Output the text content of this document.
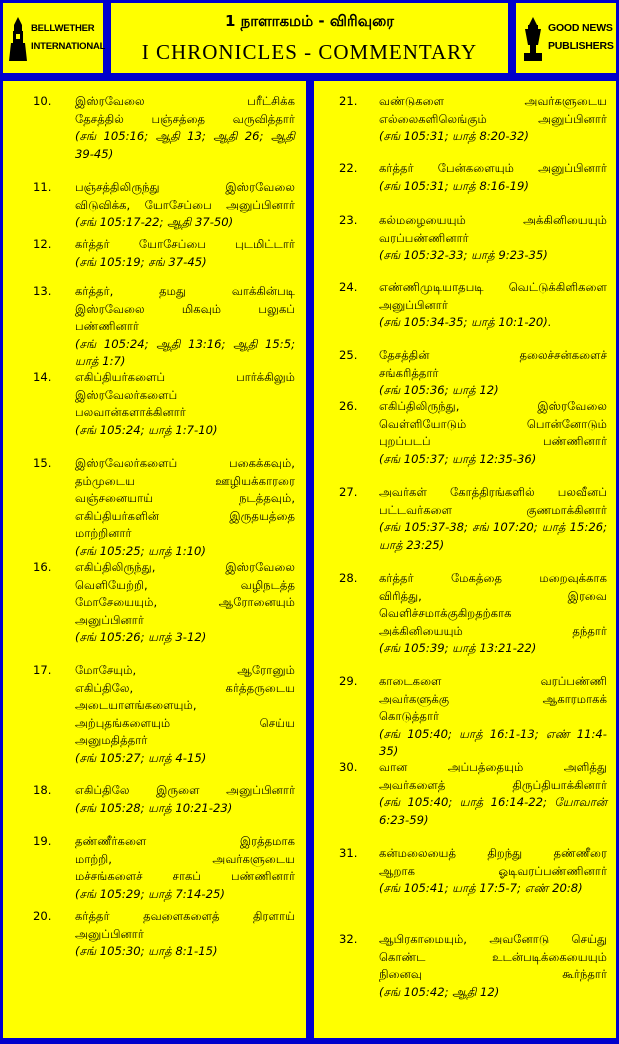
BELLWETHER
INTERNATIONAL
1 நாளாகமம் - விரிவுரை
I CHRONICLES - COMMENTARY
GOOD NEWS
PUBLISHERS
10. இஸ்ரவேலை பரீட்சிக்க
தேசத்தில் பஞ்சத்தை வருவித்தார்
(சங் 105:16; ஆதி 13; ஆதி 26; ஆதி 39-45)
11. பஞ்சத்திலிருந்து இஸ்ரவேலை
விடுவிக்க, யோசேப்பை அனுப்பினார்
(சங் 105:17-22; ஆதி 37-50)
12. கர்த்தர் யோசேப்பை புடமிட்டார்
(சங் 105:19; சங் 37-45)
13. கர்த்தர், தமது வாக்கின்படி
இஸ்ரவேலை மிகவும் பலுகப்
பண்ணினார்
(சங் 105:24; ஆதி 13:16; ஆதி 15:5; யாத் 1:7)
14. எகிப்தியர்களைப் பார்க்கிலும்
இஸ்ரவேலர்களைப்
பலவான்களாக்கினார்
(சங் 105:24; யாத் 1:7-10)
15. இஸ்ரவேலர்களைப் பகைக்கவும்,
தம்முடைய ஊழியக்காரரை
வஞ்சனையாய் நடத்தவும்,
எகிப்தியர்களின் இருதயத்தை
மாற்றினார்
(சங் 105:25; யாத் 1:10)
16. எகிப்திலிருந்து, இஸ்ரவேலை
வெளியேற்றி, வழிநடத்த
மோசேயையும், ஆரோனையும்
அனுப்பினார்
(சங் 105:26; யாத் 3-12)
17. மோசேயும், ஆரோனும்
எகிப்திலே, கர்த்தருடைய
அடையாளங்களையும்,
அற்புதங்களையும் செய்ய
அனுமதித்தார்
(சங் 105:27; யாத் 4-15)
18. எகிப்திலே இருளை அனுப்பினார்
(சங் 105:28; யாத் 10:21-23)
19. தண்ணீர்களை இரத்தமாக
மாற்றி, அவர்களுடைய
மச்சங்களைச் சாகப் பண்ணினார்
(சங் 105:29; யாத் 7:14-25)
20. கர்த்தர் தவளைகளைத் திரளாய்
அனுப்பினார்
(சங் 105:30; யாத் 8:1-15)
21. வண்டுகளை அவர்களுடைய
எல்லைகளிலெங்கும் அனுப்பினார்
(சங் 105:31; யாத் 8:20-32)
22. கர்த்தர் பேன்களையும் அனுப்பினார்
(சங் 105:31; யாத் 8:16-19)
23. கல்மழையையும் அக்கினியையும்
வரப்பண்ணினார்
(சங் 105:32-33; யாத் 9:23-35)
24. எண்ணிமுடியாதபடி வெட்டுக்கிளிகளை
அனுப்பினார்
(சங் 105:34-35; யாத் 10:1-20).
25. தேசத்தின் தலைச்சன்களைச்
சங்கரித்தார்
(சங் 105:36; யாத் 12)
26. எகிப்திலிருந்து, இஸ்ரவேலை
வெள்ளியோடும் பொன்னோடும்
புறப்படப் பண்ணினார்
(சங் 105:37; யாத் 12:35-36)
27. அவர்கள் கோத்திரங்களில் பலவீனப்
பட்டவர்களை குணமாக்கினார்
(சங் 105:37-38; சங் 107:20; யாத் 15:26; யாத் 23:25)
28. கர்த்தர் மேகத்தை மறைவுக்காக
விரித்து, இரவை
வெளிச்சமாக்குகிறதற்காக
அக்கினியையும் தந்தார்
(சங் 105:39; யாத் 13:21-22)
29. காடைகளை வரப்பண்ணி
அவர்களுக்கு ஆகாரமாகக்
கொடுத்தார்
(சங் 105:40; யாத் 16:1-13; எண் 11:4-35)
30. வான அப்பத்தையும் அளித்து
அவர்களைத் திருப்தியாக்கினார்
(சங் 105:40; யாத் 16:14-22; யோவான் 6:23-59)
31. கன்மலையைத் திறந்து தண்ணீரை
ஆறாக ஓடிவரப்பண்ணினார்
(சங் 105:41; யாத் 17:5-7; எண் 20:8)
32. ஆபிரகாமையும், அவனோடு செய்து
கொண்ட உடன்படிக்கையையும்
நினைவு கூர்ந்தார்
(சங் 105:42; ஆதி 12)
